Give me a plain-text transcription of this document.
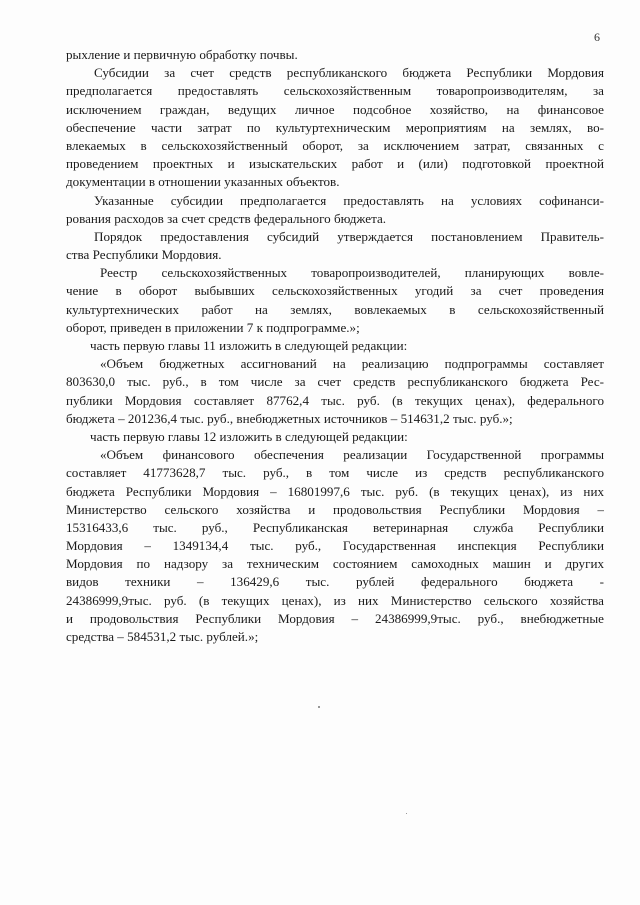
6
рыхление и первичную обработку почвы.
Субсидии за счет средств республиканского бюджета Республики Мордовия
предполагается предоставлять сельскохозяйственным товаропроизводителям, за
исключением граждан, ведущих личное подсобное хозяйство, на финансовое
обеспечение части затрат по культуртехническим мероприятиям на землях, во-
влекаемых в сельскохозяйственный оборот, за исключением затрат, связанных с
проведением проектных и изыскательских работ и (или) подготовкой проектной
документации в отношении указанных объектов.
Указанные субсидии предполагается предоставлять на условиях софинанси-
рования расходов за счет средств федерального бюджета.
Порядок предоставления субсидий утверждается постановлением Правитель-
ства Республики Мордовия.
Реестр сельскохозяйственных товаропроизводителей, планирующих вовле-
чение в оборот выбывших сельскохозяйственных угодий за счет проведения
культуртехнических работ на землях, вовлекаемых в сельскохозяйственный
оборот, приведен в приложении 7 к подпрограмме.»;
часть первую главы 11 изложить в следующей редакции:
«Объем бюджетных ассигнований на реализацию подпрограммы составляет
803630,0 тыс. руб., в том числе за счет средств республиканского бюджета Рес-
публики Мордовия составляет 87762,4 тыс. руб. (в текущих ценах), федерального
бюджета – 201236,4 тыс. руб., внебюджетных источников – 514631,2 тыс. руб.»;
часть первую главы 12 изложить в следующей редакции:
«Объем финансового обеспечения реализации Государственной программы
составляет 41773628,7 тыс. руб., в том числе из средств республиканского
бюджета Республики Мордовия – 16801997,6 тыс. руб. (в текущих ценах), из них
Министерство сельского хозяйства и продовольствия Республики Мордовия –
15316433,6 тыс. руб., Республиканская ветеринарная служба Республики
Мордовия – 1349134,4 тыс. руб., Государственная инспекция Республики
Мордовия по надзору за техническим состоянием самоходных машин и других
видов техники – 136429,6 тыс. рублей федерального бюджета -
24386999,9тыс. руб. (в текущих ценах), из них Министерство сельского хозяйства
и продовольствия Республики Мордовия – 24386999,9тыс. руб., внебюджетные
средства – 584531,2 тыс. рублей.»;
